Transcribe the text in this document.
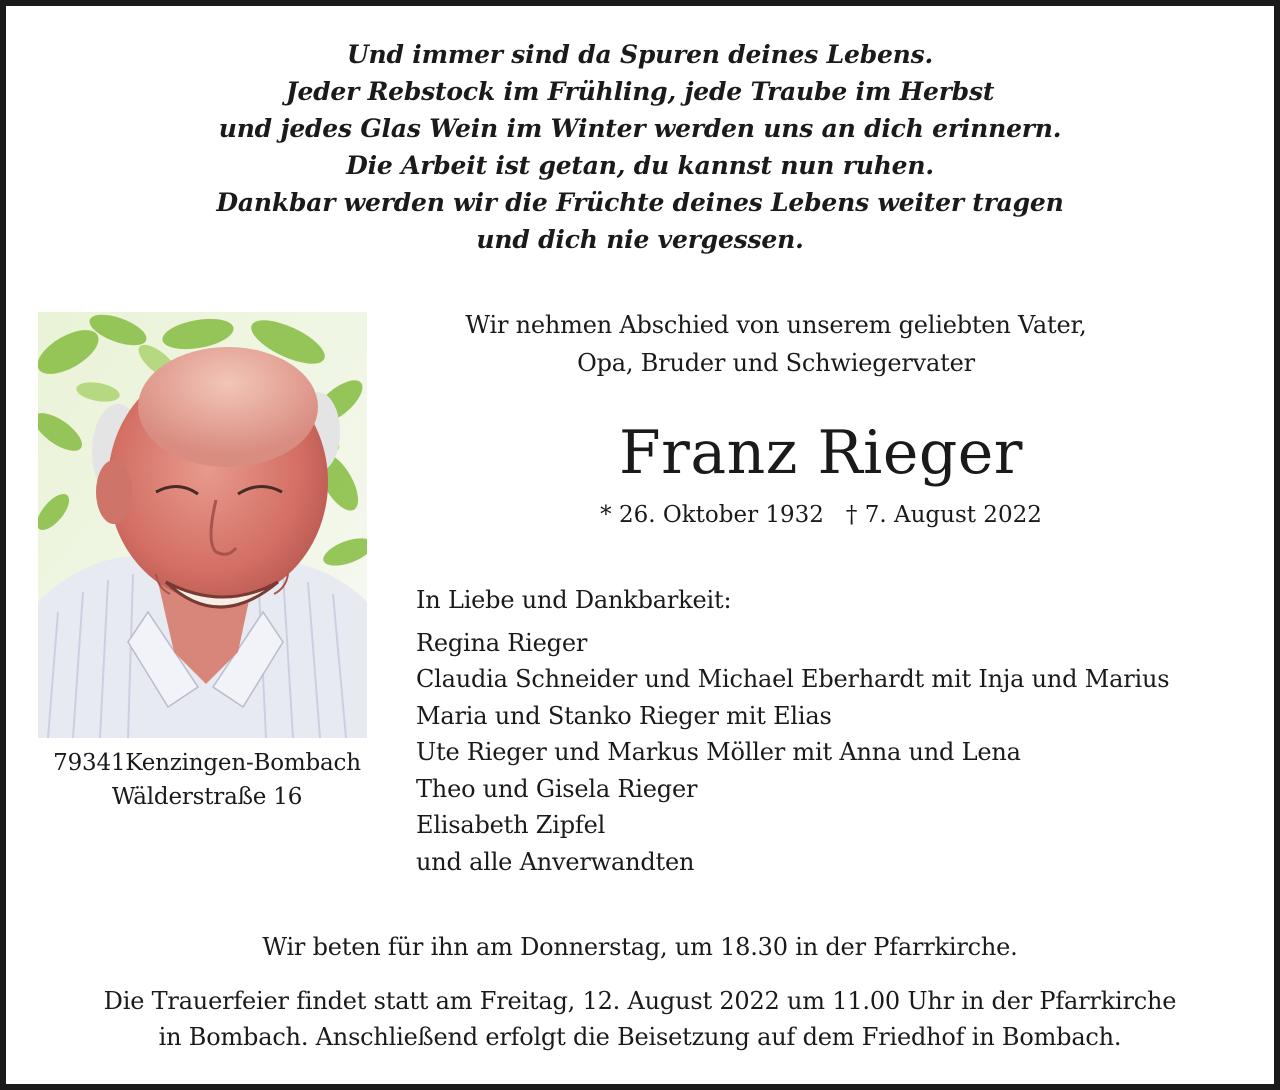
Und immer sind da Spuren deines Lebens.
Jeder Rebstock im Frühling, jede Traube im Herbst
und jedes Glas Wein im Winter werden uns an dich erinnern.
Die Arbeit ist getan, du kannst nun ruhen.
Dankbar werden wir die Früchte deines Lebens weiter tragen
und dich nie vergessen.
79341Kenzingen-Bombach
Wälderstraße 16
Wir nehmen Abschied von unserem geliebten Vater,
Opa, Bruder und Schwiegervater
Franz Rieger
* 26. Oktober 1932 † 7. August 2022
In Liebe und Dankbarkeit:
Regina Rieger
Claudia Schneider und Michael Eberhardt mit Inja und Marius
Maria und Stanko Rieger mit Elias
Ute Rieger und Markus Möller mit Anna und Lena
Theo und Gisela Rieger
Elisabeth Zipfel
und alle Anverwandten
Wir beten für ihn am Donnerstag, um 18.30 in der Pfarrkirche.
Die Trauerfeier findet statt am Freitag, 12. August 2022 um 11.00 Uhr in der Pfarrkirche
in Bombach. Anschließend erfolgt die Beisetzung auf dem Friedhof in Bombach.
